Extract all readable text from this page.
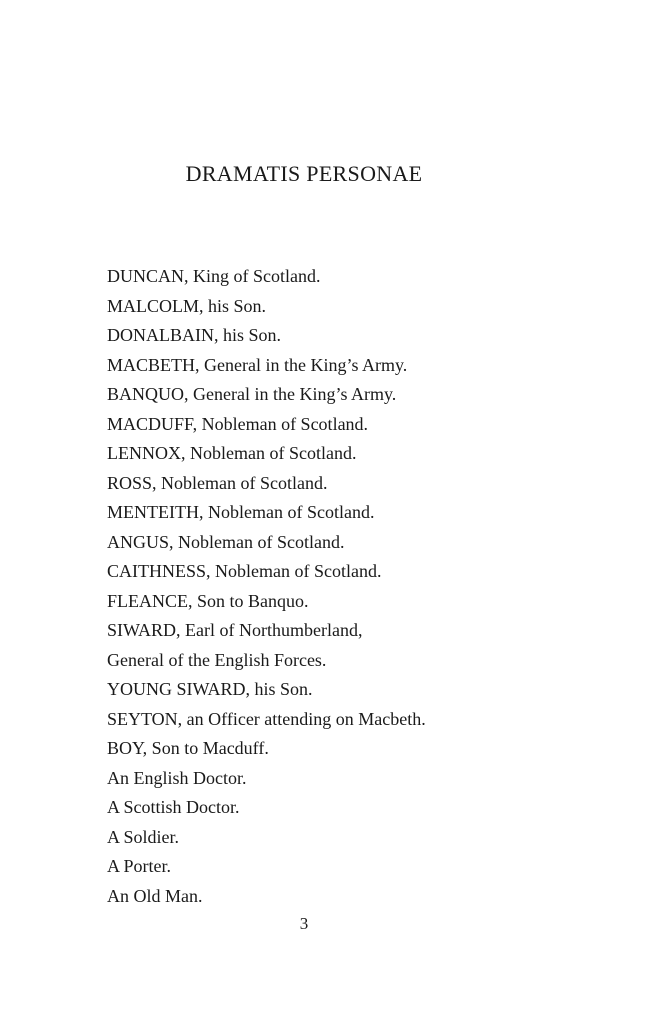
DRAMATIS PERSONAE
DUNCAN, King of Scotland.
MALCOLM, his Son.
DONALBAIN, his Son.
MACBETH, General in the King’s Army.
BANQUO, General in the King’s Army.
MACDUFF, Nobleman of Scotland.
LENNOX, Nobleman of Scotland.
ROSS, Nobleman of Scotland.
MENTEITH, Nobleman of Scotland.
ANGUS, Nobleman of Scotland.
CAITHNESS, Nobleman of Scotland.
FLEANCE, Son to Banquo.
SIWARD, Earl of Northumberland,
General of the English Forces.
YOUNG SIWARD, his Son.
SEYTON, an Officer attending on Macbeth.
BOY, Son to Macduff.
An English Doctor.
A Scottish Doctor.
A Soldier.
A Porter.
An Old Man.
3
